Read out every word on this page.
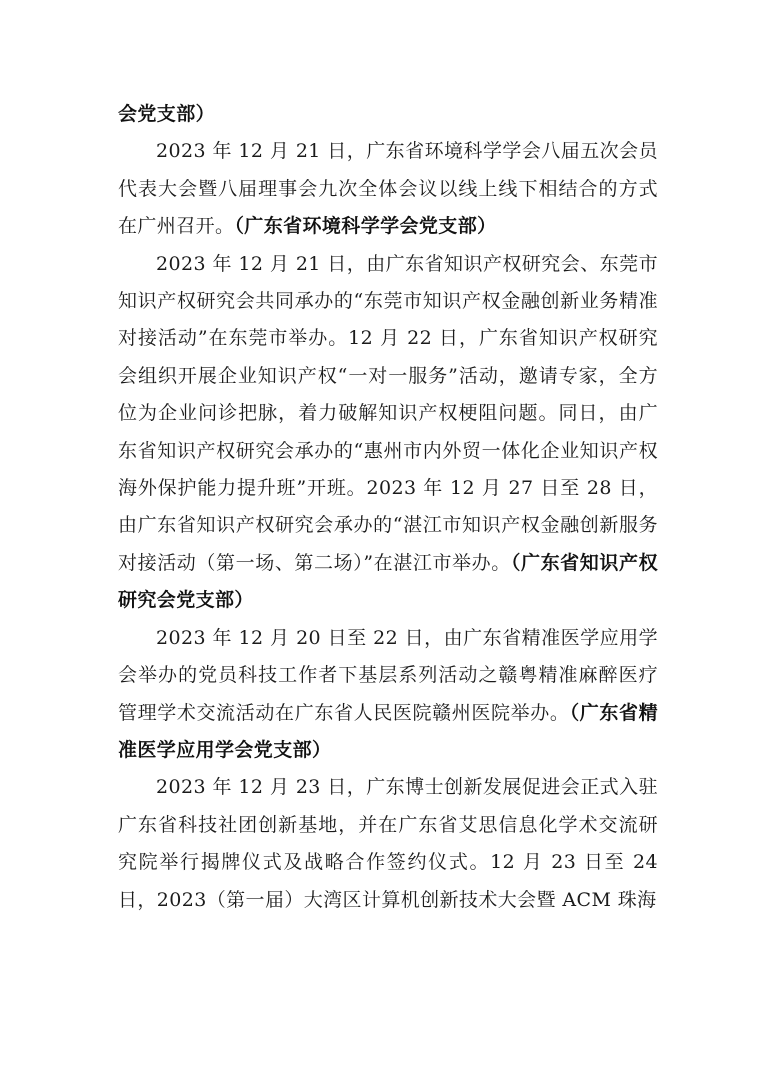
会党支部）

2023 年 12 月 21 日，广东省环境科学学会八届五次会员代表大会暨八届理事会九次全体会议以线上线下相结合的方式在广州召开。（广东省环境科学学会党支部）

2023 年 12 月 21 日，由广东省知识产权研究会、东莞市知识产权研究会共同承办的“东莞市知识产权金融创新业务精准对接活动”在东莞市举办。12 月 22 日，广东省知识产权研究会组织开展企业知识产权“一对一服务”活动，邀请专家，全方位为企业问诊把脉，着力破解知识产权梗阻问题。同日，由广东省知识产权研究会承办的“惠州市内外贸一体化企业知识产权海外保护能力提升班”开班。2023 年 12 月 27 日至 28 日，由广东省知识产权研究会承办的“湛江市知识产权金融创新服务对接活动（第一场、第二场）”在湛江市举办。（广东省知识产权研究会党支部）

2023 年 12 月 20 日至 22 日，由广东省精准医学应用学会举办的党员科技工作者下基层系列活动之赣粤精准麻醉医疗管理学术交流活动在广东省人民医院赣州医院举办。（广东省精准医学应用学会党支部）

2023 年 12 月 23 日，广东博士创新发展促进会正式入驻广东省科技社团创新基地，并在广东省艾思信息化学术交流研究院举行揭牌仪式及战略合作签约仪式。12 月 23 日至 24 日，2023（第一届）大湾区计算机创新技术大会暨 ACM 珠海
